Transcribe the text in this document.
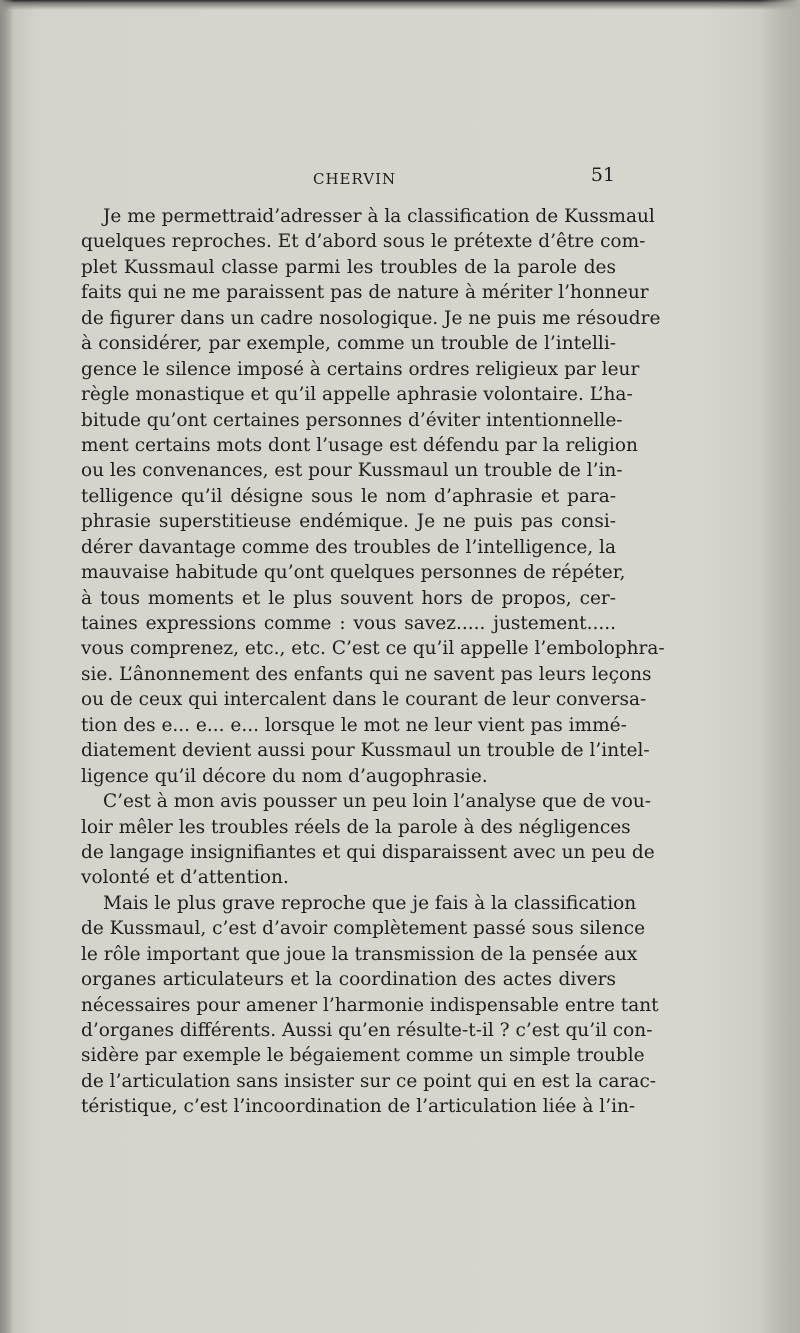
CHERVIN	51
Je me permettraid’adresser à la classification de Kussmaul
quelques reproches. Et d’abord sous le prétexte d’être com-
plet Kussmaul classe parmi les troubles de la parole des
faits qui ne me paraissent pas de nature à mériter l’honneur
de figurer dans un cadre nosologique. Je ne puis me résoudre
à considérer, par exemple, comme un trouble de l’intelli-
gence le silence imposé à certains ordres religieux par leur
règle monastique et qu’il appelle aphrasie volontaire. L’ha-
bitude qu’ont certaines personnes d’éviter intentionnelle-
ment certains mots dont l’usage est défendu par la religion
ou les convenances, est pour Kussmaul un trouble de l’in-
telligence qu’il désigne sous le nom d’aphrasie et para-
phrasie superstitieuse endémique. Je ne puis pas consi-
dérer davantage comme des troubles de l’intelligence, la
mauvaise habitude qu’ont quelques personnes de répéter,
à tous moments et le plus souvent hors de propos, cer-
taines expressions comme : vous savez..... justement.....
vous comprenez, etc., etc. C’est ce qu’il appelle l’embolophra-
sie. L’ânonnement des enfants qui ne savent pas leurs leçons
ou de ceux qui intercalent dans le courant de leur conversa-
tion des e... e... e... lorsque le mot ne leur vient pas immé-
diatement devient aussi pour Kussmaul un trouble de l’intel-
ligence qu’il décore du nom d’augophrasie.
C’est à mon avis pousser un peu loin l’analyse que de vou-
loir mêler les troubles réels de la parole à des négligences
de langage insignifiantes et qui disparaissent avec un peu de
volonté et d’attention.
Mais le plus grave reproche que je fais à la classification
de Kussmaul, c’est d’avoir complètement passé sous silence
le rôle important que joue la transmission de la pensée aux
organes articulateurs et la coordination des actes divers
nécessaires pour amener l’harmonie indispensable entre tant
d’organes différents. Aussi qu’en résulte-t-il ? c’est qu’il con-
sidère par exemple le bégaiement comme un simple trouble
de l’articulation sans insister sur ce point qui en est la carac-
téristique, c’est l’incoordination de l’articulation liée à l’in-
